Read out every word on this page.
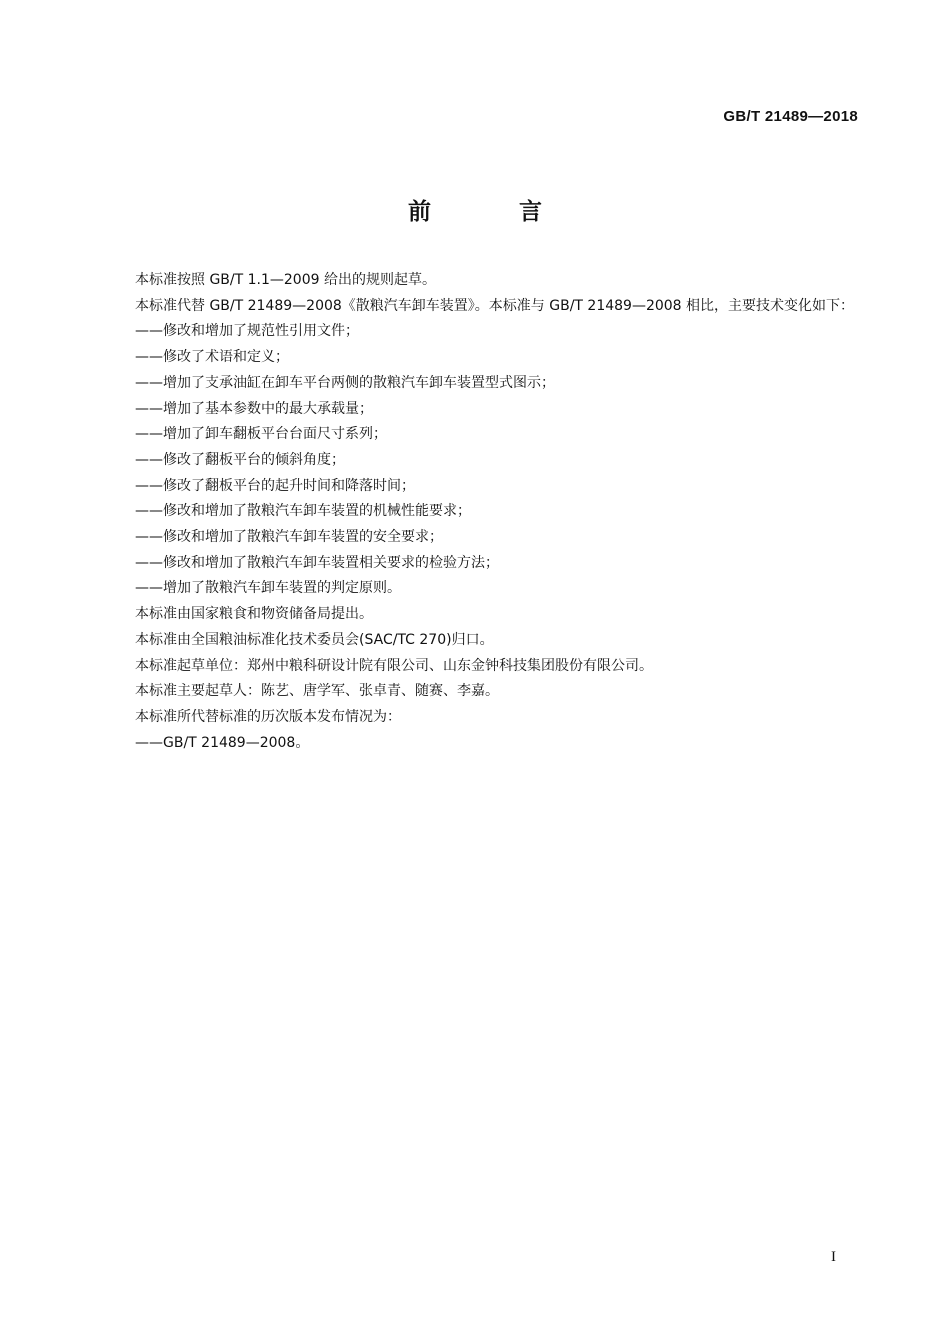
GB/T 21489—2018
前 言

本标准按照 GB/T 1.1—2009 给出的规则起草。

本标准代替 GB/T 21489—2008《散粮汽车卸车装置》。本标准与 GB/T 21489—2008 相比，主要技术变化如下：

——修改和增加了规范性引用文件；

——修改了术语和定义；

——增加了支承油缸在卸车平台两侧的散粮汽车卸车装置型式图示；

——增加了基本参数中的最大承载量；

——增加了卸车翻板平台台面尺寸系列；

——修改了翻板平台的倾斜角度；

——修改了翻板平台的起升时间和降落时间；

——修改和增加了散粮汽车卸车装置的机械性能要求；

——修改和增加了散粮汽车卸车装置的安全要求；

——修改和增加了散粮汽车卸车装置相关要求的检验方法；

——增加了散粮汽车卸车装置的判定原则。

本标准由国家粮食和物资储备局提出。

本标准由全国粮油标准化技术委员会(SAC/TC 270)归口。

本标准起草单位：郑州中粮科研设计院有限公司、山东金钟科技集团股份有限公司。

本标准主要起草人：陈艺、唐学军、张卓青、随赛、李嘉。

本标准所代替标准的历次版本发布情况为：

——GB/T 21489—2008。

I
